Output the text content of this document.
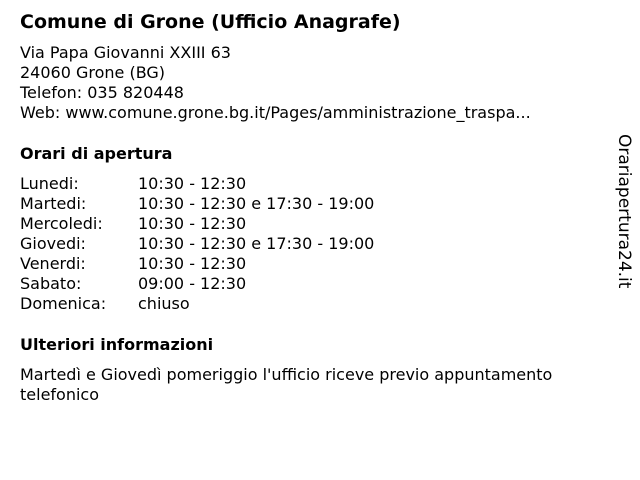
Comune di Grone (Ufficio Anagrafe)
Via Papa Giovanni XXIII 63
24060 Grone (BG)
Telefon: 035 820448
Web: www.comune.grone.bg.it/Pages/amministrazione_traspa...
Orari di apertura
Lunedi:	10:30 - 12:30
Martedi:	10:30 - 12:30 e 17:30 - 19:00
Mercoledi:	10:30 - 12:30
Giovedi:	10:30 - 12:30 e 17:30 - 19:00
Venerdi:	10:30 - 12:30
Sabato:	09:00 - 12:30
Domenica:	chiuso
Ulteriori informazioni
Martedì e Giovedì pomeriggio l'ufficio riceve previo appuntamento
telefonico
Orariapertura24.it
